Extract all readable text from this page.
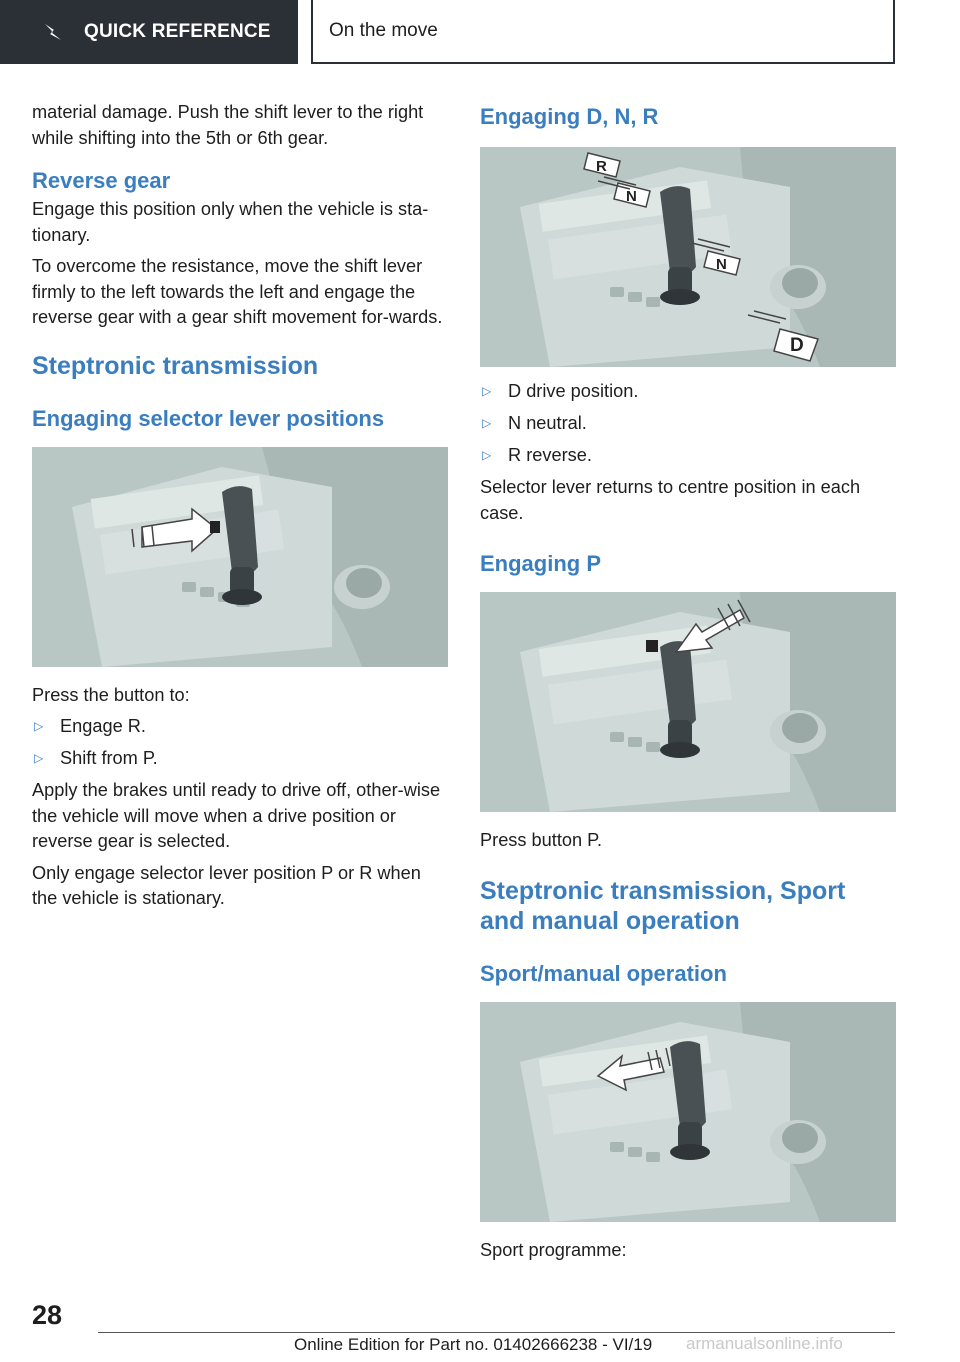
QUICK REFERENCE	On the move

material damage. Push the shift lever to the right while shifting into the 5th or 6th gear.

Reverse gear

Engage this position only when the vehicle is sta-tionary.

To overcome the resistance, move the shift lever firmly to the left towards the left and engage the reverse gear with a gear shift movement for-wards.

Steptronic transmission
Engaging selector lever positions

Press the button to:

▷ Engage R.
▷ Shift from P.

Apply the brakes until ready to drive off, other-wise the vehicle will move when a drive position or reverse gear is selected.

Only engage selector lever position P or R when the vehicle is stationary.

Engaging D, N, R
R
N
N
D
▷ D drive position.
▷ N neutral.
▷ R reverse.

Selector lever returns to centre position in each case.

Engaging P

Press button P.

Steptronic transmission, Sport and manual operation
Sport/manual operation

Sport programme:

28
Online Edition for Part no. 01402666238 - VI/19 armanualsonline.info
